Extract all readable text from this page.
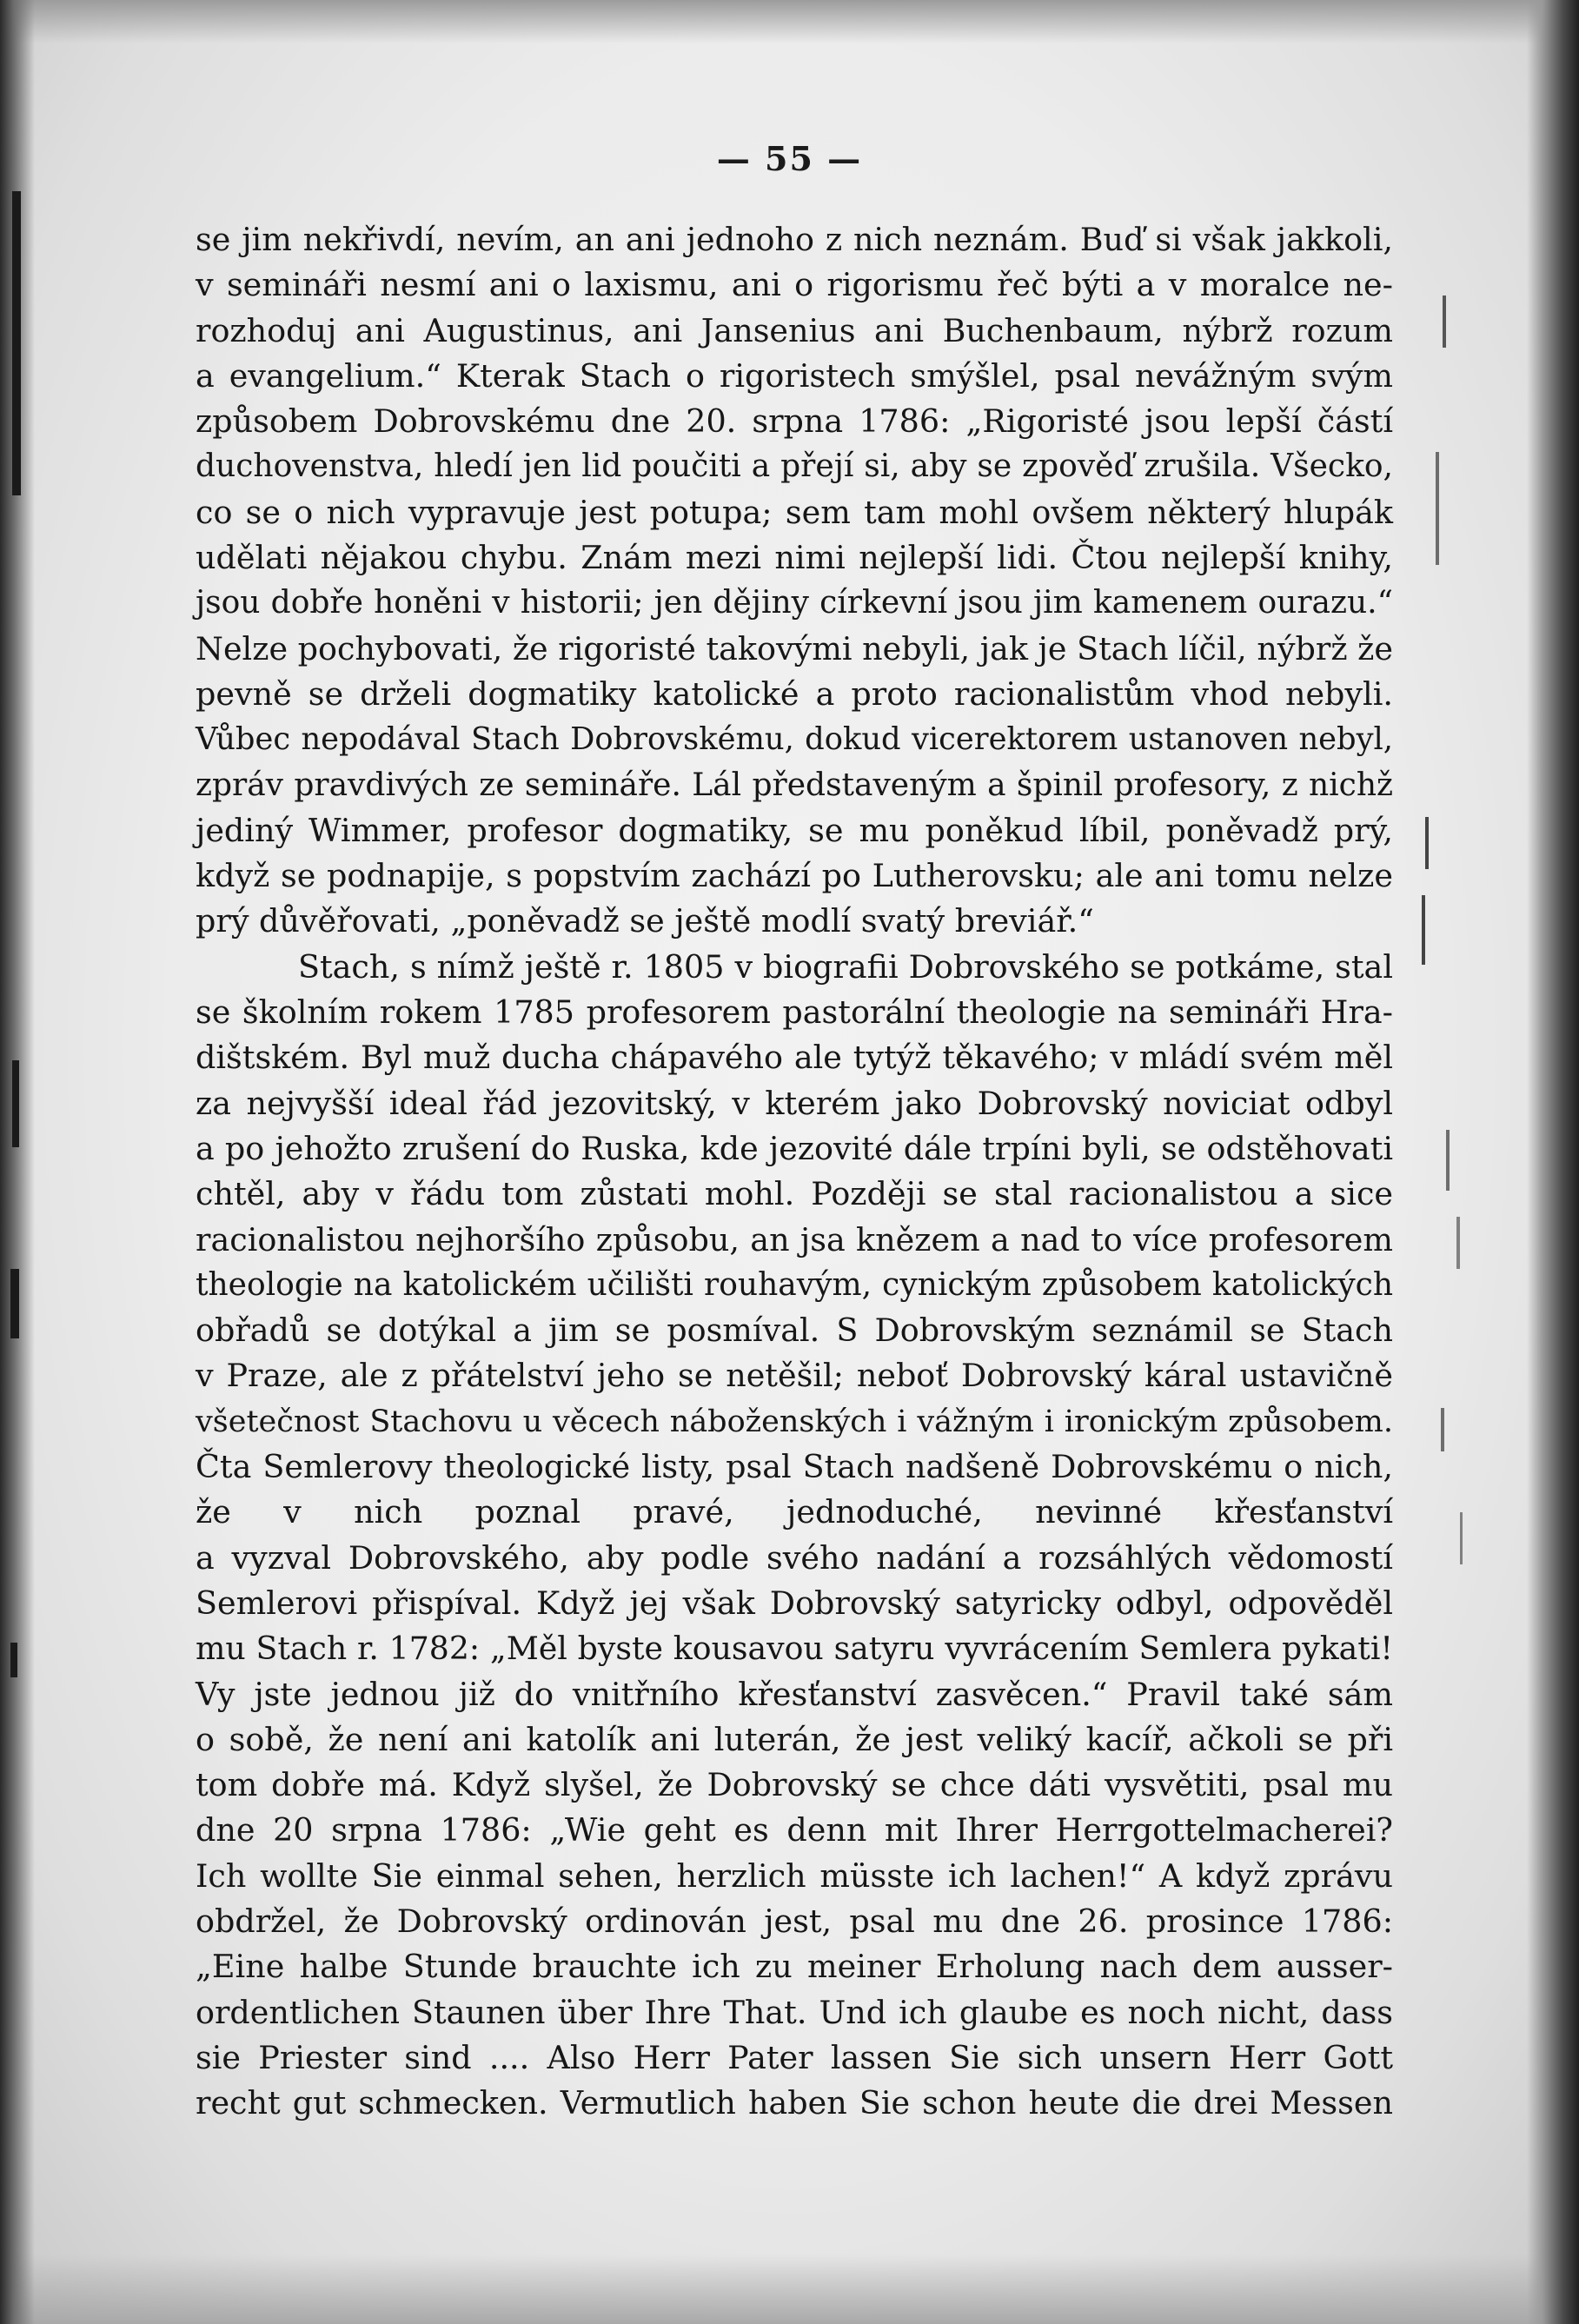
— 55 —
se jim nekřivdí, nevím, an ani jednoho z nich neznám. Buď si však jakkoli,
v semináři nesmí ani o laxismu, ani o rigorismu řeč býti a v moralce ne-
rozhoduj ani Augustinus, ani Jansenius ani Buchenbaum, nýbrž rozum
a evangelium.“ Kterak Stach o rigoristech smýšlel, psal nevážným svým
způsobem Dobrovskému dne 20. srpna 1786: „Rigoristé jsou lepší částí
duchovenstva, hledí jen lid poučiti a přejí si, aby se zpověď zrušila. Všecko,
co se o nich vypravuje jest potupa; sem tam mohl ovšem některý hlupák
udělati nějakou chybu. Znám mezi nimi nejlepší lidi. Čtou nejlepší knihy,
jsou dobře honěni v historii; jen dějiny církevní jsou jim kamenem ourazu.“
Nelze pochybovati, že rigoristé takovými nebyli, jak je Stach líčil, nýbrž že
pevně se drželi dogmatiky katolické a proto racionalistům vhod nebyli.
Vůbec nepodával Stach Dobrovskému, dokud vicerektorem ustanoven nebyl,
zpráv pravdivých ze semináře. Lál představeným a špinil profesory, z nichž
jediný Wimmer, profesor dogmatiky, se mu poněkud líbil, poněvadž prý,
když se podnapije, s popstvím zachází po Lutherovsku; ale ani tomu nelze
prý důvěřovati, „poněvadž se ještě modlí svatý breviář.“
Stach, s nímž ještě r. 1805 v biografii Dobrovského se potkáme, stal
se školním rokem 1785 profesorem pastorální theologie na semináři Hra-
dištském. Byl muž ducha chápavého ale tytýž těkavého; v mládí svém měl
za nejvyšší ideal řád jezovitský, v kterém jako Dobrovský noviciat odbyl
a po jehožto zrušení do Ruska, kde jezovité dále trpíni byli, se odstěhovati
chtěl, aby v řádu tom zůstati mohl. Později se stal racionalistou a sice
racionalistou nejhoršího způsobu, an jsa knězem a nad to více profesorem
theologie na katolickém učilišti rouhavým, cynickým způsobem katolických
obřadů se dotýkal a jim se posmíval. S Dobrovským seznámil se Stach
v Praze, ale z přátelství jeho se netěšil; neboť Dobrovský káral ustavičně
všetečnost Stachovu u věcech náboženských i vážným i ironickým způsobem.
Čta Semlerovy theologické listy, psal Stach nadšeně Dobrovskému o nich,
že v nich poznal pravé, jednoduché, nevinné křesťanství
a vyzval Dobrovského, aby podle svého nadání a rozsáhlých vědomostí
Semlerovi přispíval. Když jej však Dobrovský satyricky odbyl, odpověděl
mu Stach r. 1782: „Měl byste kousavou satyru vyvrácením Semlera pykati!
Vy jste jednou již do vnitřního křesťanství zasvěcen.“ Pravil také sám
o sobě, že není ani katolík ani luterán, že jest veliký kacíř, ačkoli se při
tom dobře má. Když slyšel, že Dobrovský se chce dáti vysvětiti, psal mu
dne 20 srpna 1786: „Wie geht es denn mit Ihrer Herrgottelmacherei?
Ich wollte Sie einmal sehen, herzlich müsste ich lachen!“ A když zprávu
obdržel, že Dobrovský ordinován jest, psal mu dne 26. prosince 1786:
„Eine halbe Stunde brauchte ich zu meiner Erholung nach dem ausser-
ordentlichen Staunen über Ihre That. Und ich glaube es noch nicht, dass
sie Priester sind .... Also Herr Pater lassen Sie sich unsern Herr Gott
recht gut schmecken. Vermutlich haben Sie schon heute die drei Messen
